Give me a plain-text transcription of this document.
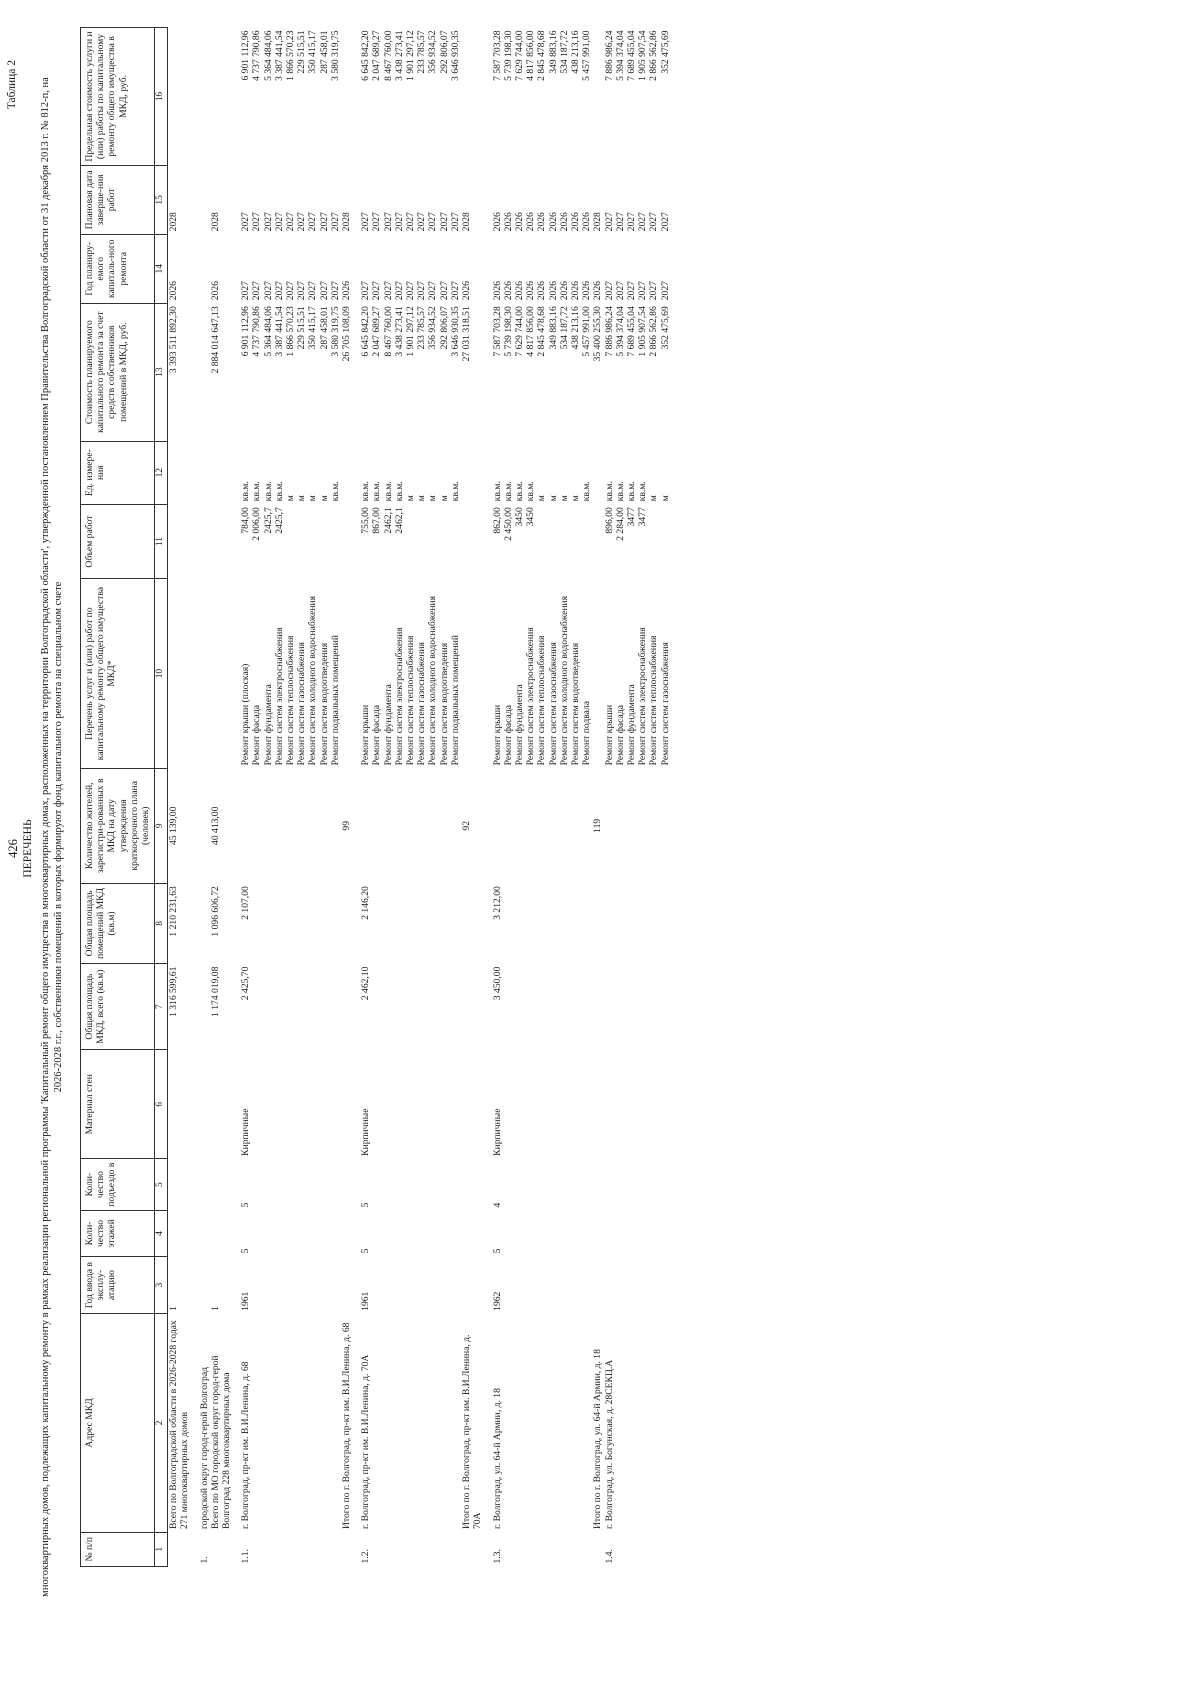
426
Таблица 2
ПЕРЕЧЕНЬ многоквартирных домов, подлежащих капитальному ремонту в рамках реализации региональной программы 'Капитальный ремонт общего имущества в многоквартирных домах, расположенных на территории Волгоградской области', утвержденной постановлением Правительства Волгоградской области от 31 декабря 2013 г. № 812-п, на 2026-2028 г.г., собственники помещений в которых формируют фонд капитального ремонта на специальном счете
№ п/п	Адрес МКД	Год ввода в эксплу-атацию	Коли-чество этажей	Коли-чество подъездо в	Материал стен	Общая площадь МКД, всего (кв.м)	Общая площадь помещений МКД (кв.м)	Количество жителей, зарегистри-рованных в МКД на дату утверждения краткосрочного плана (человек)	Перечень услуг и (или) работ по капитальному ремонту общего имущества МКД*	Объем работ	Ед. измере-ния	Стоимость планируемого капитального ремонта за счет средств собственников помещений в МКД, руб.	Год планиру-емого капиталь-ного ремонта	Плановая дата заверше-ния работ	Предельная стоимость услуги и (или) работы по капитальному ремонту общего имущества в МКД, руб.
1	2	3	4	5	6	7	8	9	10	11	12	13	14	15	16
	Всего по Волгоградской области в 2026-2028 годах 271 многоквартирных домов	1				1 316 599,61	1 210 231,63	45 139,00				3 393 511 892,30	2026	2028	

1.	городской округ город-герой Волгоград														
	Всего по МО городской округ город-герой Волгоград 228 многоквартирных дома	1				1 174 019,08	1 096 606,72	40 413,00				2 884 014 647,13	2026	2028	

1.1.	г. Волгоград, пр-кт им. В.И.Ленина, д. 68	1961	5	5	Кирпичные	2 425,70	2 107,00		Ремонт крыши (плоская)	784,00	кв.м.	6 901 112,96	2027	2027	6 901 112,96
									Ремонт фасада	2 006,00	кв.м.	4 737 790,86	2027	2027	4 737 790,86
									Ремонт фундамента	2425,7	кв.м.	5 364 484,06	2027	2027	5 364 484,06
									Ремонт систем электроснабжения	2425,7	кв.м.	3 387 441,54	2027	2027	3 387 441,54
									Ремонт систем теплоснабжения		м	1 866 570,23	2027	2027	1 866 570,23
									Ремонт систем газоснабжения		м	229 515,51	2027	2027	229 515,51
									Ремонт систем холодного водоснабжения		м	350 415,17	2027	2027	350 415,17
									Ремонт систем водоотведения		м	287 458,01	2027	2027	287 458,01
									Ремонт подвальных помещений		кв.м.	3 580 319,75	2027	2027	3 580 319,75
	Итого по г. Волгоград, пр-кт им. В.И.Ленина, д. 68							99				26 705 108,09	2026	2028	

1.2.	г. Волгоград, пр-кт им. В.И.Ленина, д. 70А	1961	5	5	Кирпичные	2 462,10	2 146,20		Ремонт крыши	755,00	кв.м.	6 645 842,20	2027	2027	6 645 842,20
									Ремонт фасада	867,00	кв.м.	2 047 689,27	2027	2027	2 047 689,27
									Ремонт фундамента	2462,1	кв.м.	8 467 760,00	2027	2027	8 467 760,00
									Ремонт систем электроснабжения	2462,1	кв.м.	3 438 273,41	2027	2027	3 438 273,41
									Ремонт систем теплоснабжения		м	1 901 297,12	2027	2027	1 901 297,12
									Ремонт систем газоснабжения		м	233 785,57	2027	2027	233 785,57
									Ремонт систем холодного водоснабжения		м	356 934,52	2027	2027	356 934,52
									Ремонт систем водоотведения		м	292 806,07	2027	2027	292 806,07
									Ремонт подвальных помещений		кв.м.	3 646 930,35	2027	2027	3 646 930,35
	Итого по г. Волгоград, пр-кт им. В.И.Ленина, д. 70А							92				27 031 318,51	2026	2028	

1.3.	г. Волгоград, ул. 64-й Армии, д. 18	1962	5	4	Кирпичные	3 450,00	3 212,00		Ремонт крыши	862,00	кв.м.	7 587 703,28	2026	2026	7 587 703,28
									Ремонт фасада	2 450,00	кв.м.	5 739 198,30	2026	2026	5 739 198,30
									Ремонт фундамента	3450	кв.м.	7 629 744,00	2026	2026	7 629 744,00
									Ремонт систем электроснабжения	3450	кв.м.	4 817 856,00	2026	2026	4 817 856,00
									Ремонт систем теплоснабжения		м	2 845 478,68	2026	2026	2 845 478,68
									Ремонт систем газоснабжения		м	349 883,16	2026	2026	349 883,16
									Ремонт систем холодного водоснабжения		м	534 187,72	2026	2026	534 187,72
									Ремонт систем водоотведения		м	438 213,16	2026	2026	438 213,16
									Ремонт подвала		кв.м.	5 457 991,00	2026	2026	5 457 991,00
	Итого по г. Волгоград, ул. 64-й Армии, д. 18							119				35 400 255,30	2026	2028	
1.4.	г. Волгоград, ул. Богунская, д. 28СЕКЦ.А								Ремонт крыши	896,00	кв.м.	7 886 986,24	2027	2027	7 886 986,24
									Ремонт фасада	2 284,00	кв.м.	5 394 374,04	2027	2027	5 394 374,04
									Ремонт фундамента	3477	кв.м.	7 689 455,04	2027	2027	7 689 455,04
									Ремонт систем электроснабжения	3477	кв.м.	1 905 907,54	2027	2027	1 905 907,54
									Ремонт систем теплоснабжения		м	2 866 562,86	2027	2027	2 866 562,86
									Ремонт систем газоснабжения		м	352 475,69	2027	2027	352 475,69
